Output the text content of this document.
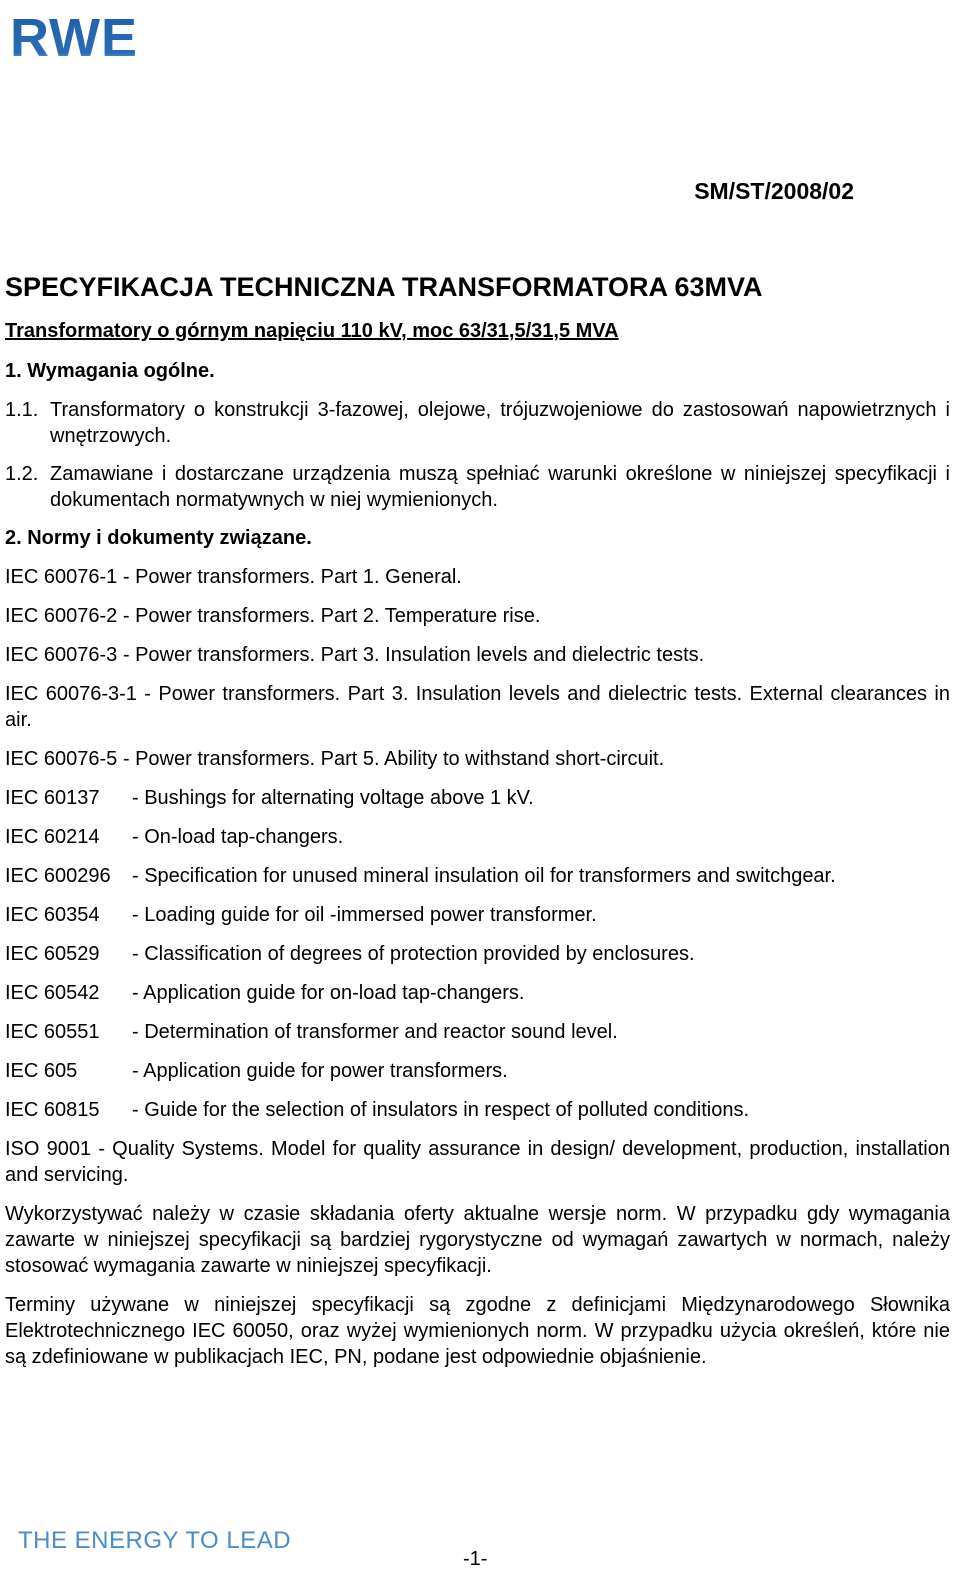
RWE
SM/ST/2008/02
SPECYFIKACJA TECHNICZNA TRANSFORMATORA 63MVA
Transformatory o górnym napięciu 110 kV, moc 63/31,5/31,5 MVA
1. Wymagania ogólne.
1.1. Transformatory o konstrukcji 3-fazowej, olejowe, trójuzwojeniowe do zastosowań napowietrznych i wnętrzowych.
1.2. Zamawiane i dostarczane urządzenia muszą spełniać warunki określone w niniejszej specyfikacji i dokumentach normatywnych w niej wymienionych.
2. Normy i dokumenty związane.
IEC 60076-1 - Power transformers. Part 1. General.
IEC 60076-2 - Power transformers. Part 2. Temperature rise.
IEC 60076-3 - Power transformers. Part 3. Insulation levels and dielectric tests.
IEC 60076-3-1 - Power transformers. Part 3. Insulation levels and dielectric tests. External clearances in air.
IEC 60076-5 - Power transformers. Part 5. Ability to withstand short-circuit.
IEC 60137	- Bushings for alternating voltage above 1 kV.
IEC 60214	- On-load tap-changers.
IEC 600296	- Specification for unused mineral insulation oil for transformers and switchgear.
IEC 60354	- Loading guide for oil -immersed power transformer.
IEC 60529	- Classification of degrees of protection provided by enclosures.
IEC 60542	- Application guide for on-load tap-changers.
IEC 60551	- Determination of transformer and reactor sound level.
IEC 605	- Application guide for power transformers.
IEC 60815	- Guide for the selection of insulators in respect of polluted conditions.
ISO 9001 - Quality Systems. Model for quality assurance in design/ development, production, installation and servicing.
Wykorzystywać należy w czasie składania oferty aktualne wersje norm. W przypadku gdy wymagania zawarte w niniejszej specyfikacji są bardziej rygorystyczne od wymagań zawartych w normach, należy stosować wymagania zawarte w niniejszej specyfikacji.
Terminy używane w niniejszej specyfikacji są zgodne z definicjami Międzynarodowego Słownika Elektrotechnicznego IEC 60050, oraz wyżej wymienionych norm. W przypadku użycia określeń, które nie są zdefiniowane w publikacjach IEC, PN, podane jest odpowiednie objaśnienie.
THE ENERGY TO LEAD
-1-
